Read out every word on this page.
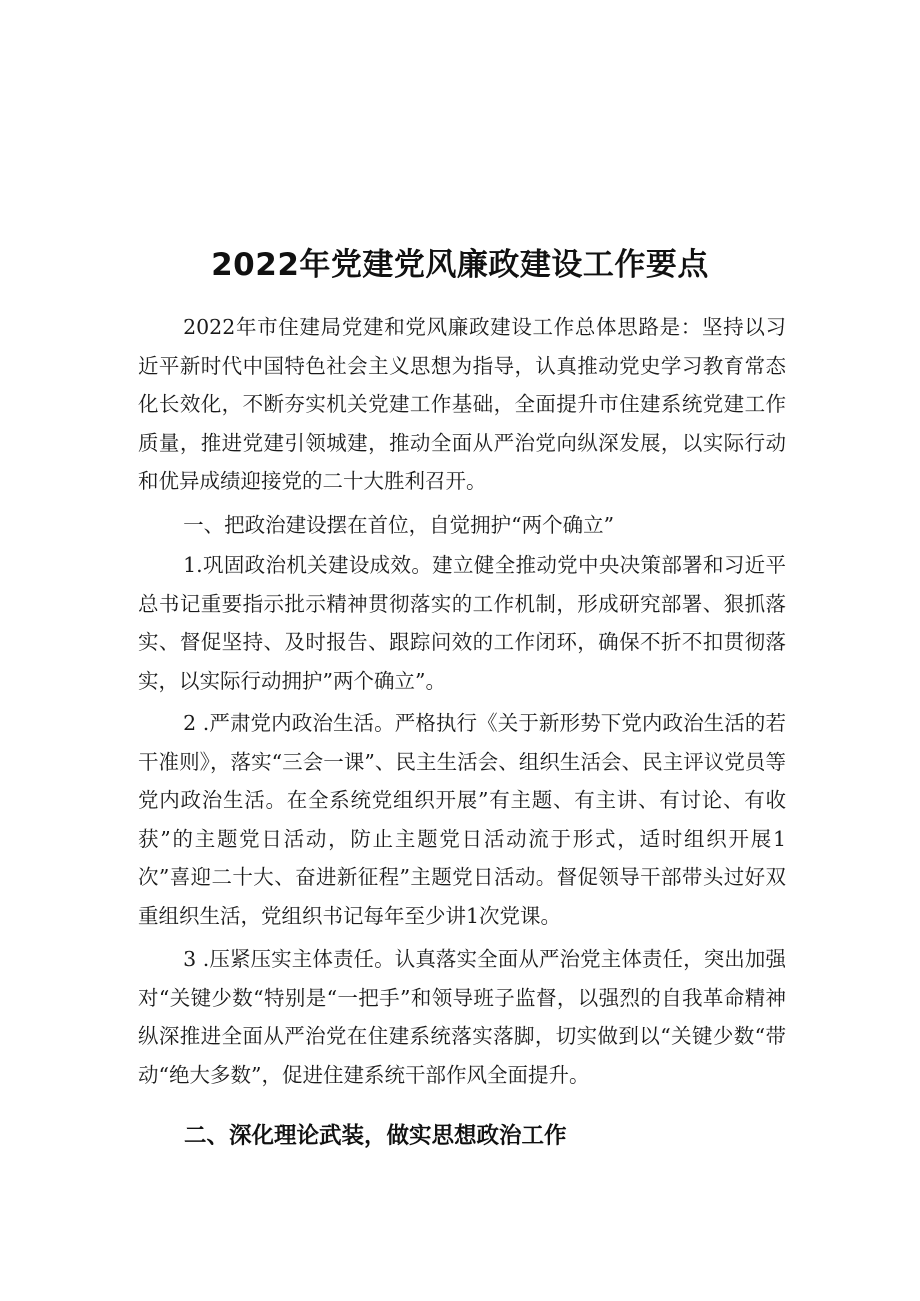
2022年党建党风廉政建设工作要点

2022年市住建局党建和党风廉政建设工作总体思路是：坚持以习近平新时代中国特色社会主义思想为指导，认真推动党史学习教育常态化长效化，不断夯实机关党建工作基础，全面提升市住建系统党建工作质量，推进党建引领城建，推动全面从严治党向纵深发展，以实际行动和优异成绩迎接党的二十大胜利召开。

一、把政治建设摆在首位，自觉拥护“两个确立”

1.巩固政治机关建设成效。建立健全推动党中央决策部署和习近平总书记重要指示批示精神贯彻落实的工作机制，形成研究部署、狠抓落实、督促坚持、及时报告、跟踪问效的工作闭环，确保不折不扣贯彻落实，以实际行动拥护”两个确立”。

2 .严肃党内政治生活。严格执行《关于新形势下党内政治生活的若干准则》，落实“三会一课”、民主生活会、组织生活会、民主评议党员等党内政治生活。在全系统党组织开展”有主题、有主讲、有讨论、有收获”的主题党日活动，防止主题党日活动流于形式，适时组织开展1次”喜迎二十大、奋进新征程”主题党日活动。督促领导干部带头过好双重组织生活，党组织书记每年至少讲1次党课。

3 .压紧压实主体责任。认真落实全面从严治党主体责任，突出加强对“关键少数“特别是“一把手”和领导班子监督，以强烈的自我革命精神纵深推进全面从严治党在住建系统落实落脚，切实做到以“关键少数“带动“绝大多数”，促进住建系统干部作风全面提升。

二、深化理论武装，做实思想政治工作
